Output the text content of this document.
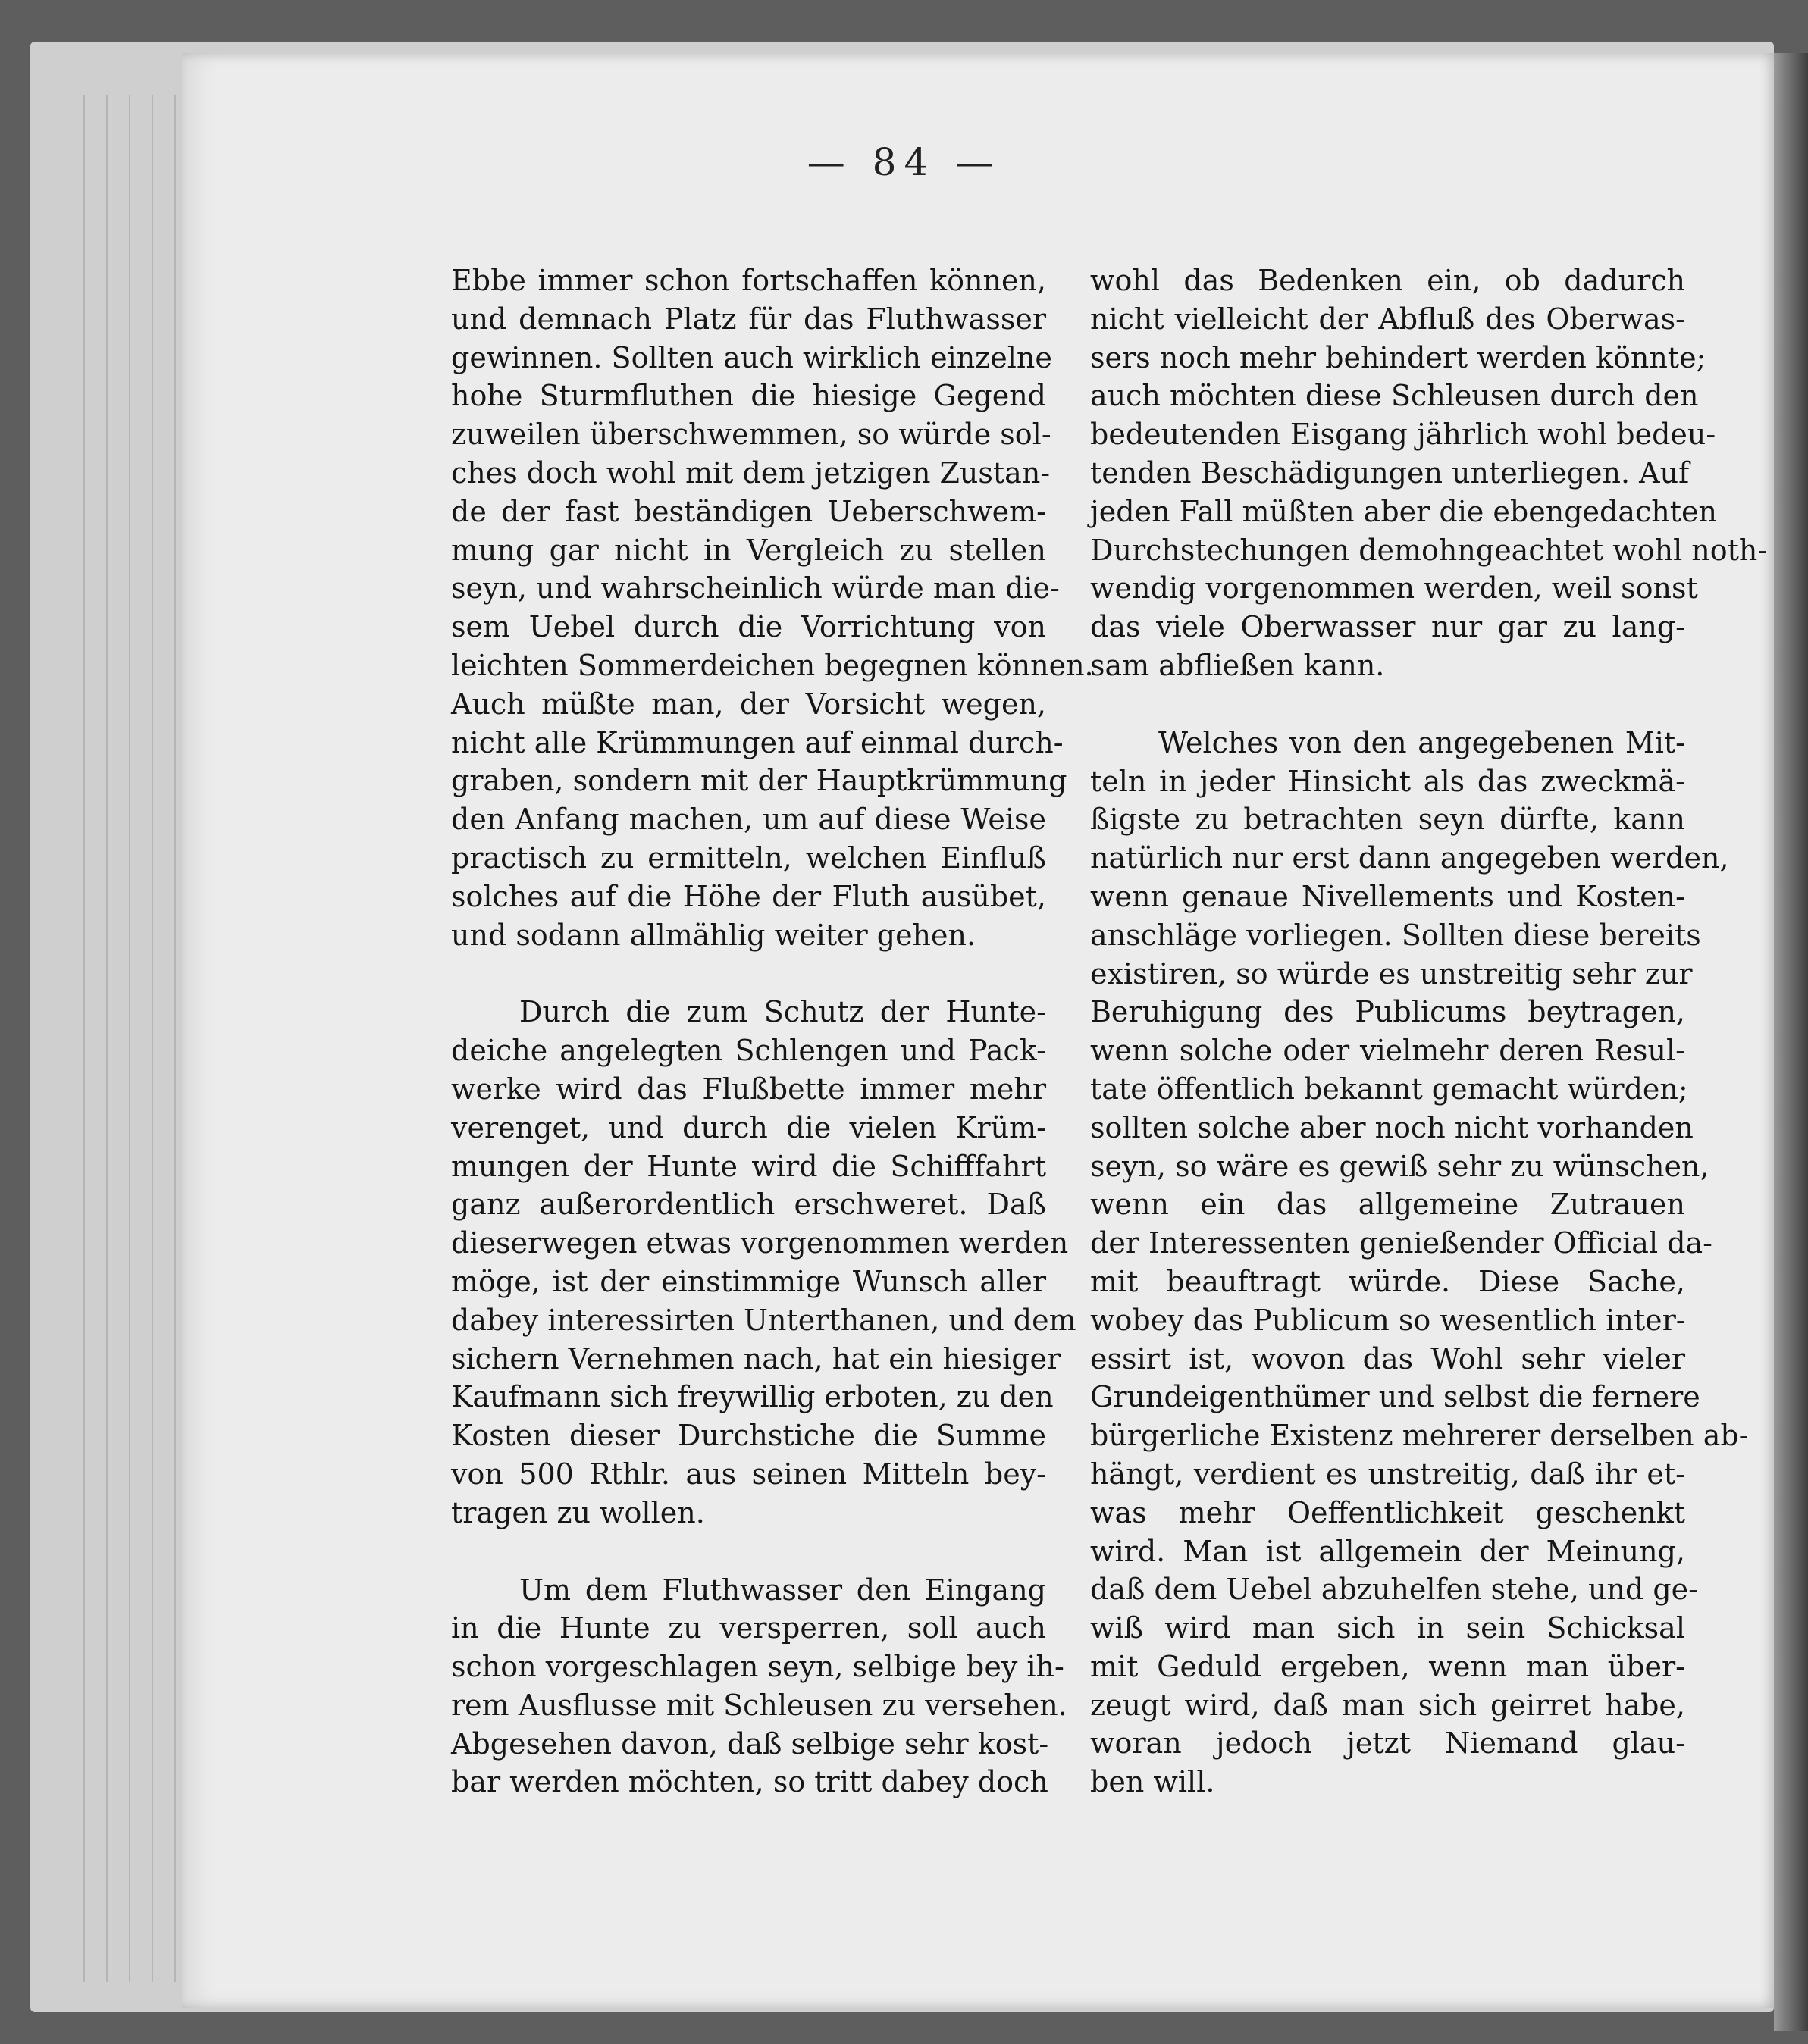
— 84 —
Ebbe immer schon fortschaffen können,
und demnach Platz für das Fluthwasser
gewinnen. Sollten auch wirklich einzelne
hohe Sturmfluthen die hiesige Gegend
zuweilen überschwemmen, so würde sol-
ches doch wohl mit dem jetzigen Zustan-
de der fast beständigen Ueberschwem-
mung gar nicht in Vergleich zu stellen
seyn, und wahrscheinlich würde man die-
sem Uebel durch die Vorrichtung von
leichten Sommerdeichen begegnen können.
Auch müßte man, der Vorsicht wegen,
nicht alle Krümmungen auf einmal durch-
graben, sondern mit der Hauptkrümmung
den Anfang machen, um auf diese Weise
practisch zu ermitteln, welchen Einfluß
solches auf die Höhe der Fluth ausübet,
und sodann allmählig weiter gehen.
Durch die zum Schutz der Hunte-
deiche angelegten Schlengen und Pack-
werke wird das Flußbette immer mehr
verenget, und durch die vielen Krüm-
mungen der Hunte wird die Schifffahrt
ganz außerordentlich erschweret. Daß
dieserwegen etwas vorgenommen werden
möge, ist der einstimmige Wunsch aller
dabey interessirten Unterthanen, und dem
sichern Vernehmen nach, hat ein hiesiger
Kaufmann sich freywillig erboten, zu den
Kosten dieser Durchstiche die Summe
von 500 Rthlr. aus seinen Mitteln bey-
tragen zu wollen.
Um dem Fluthwasser den Eingang
in die Hunte zu versperren, soll auch
schon vorgeschlagen seyn, selbige bey ih-
rem Ausflusse mit Schleusen zu versehen.
Abgesehen davon, daß selbige sehr kost-
bar werden möchten, so tritt dabey doch
wohl das Bedenken ein, ob dadurch
nicht vielleicht der Abfluß des Oberwas-
sers noch mehr behindert werden könnte;
auch möchten diese Schleusen durch den
bedeutenden Eisgang jährlich wohl bedeu-
tenden Beschädigungen unterliegen. Auf
jeden Fall müßten aber die ebengedachten
Durchstechungen demohngeachtet wohl noth-
wendig vorgenommen werden, weil sonst
das viele Oberwasser nur gar zu lang-
sam abfließen kann.
Welches von den angegebenen Mit-
teln in jeder Hinsicht als das zweckmä-
ßigste zu betrachten seyn dürfte, kann
natürlich nur erst dann angegeben werden,
wenn genaue Nivellements und Kosten-
anschläge vorliegen. Sollten diese bereits
existiren, so würde es unstreitig sehr zur
Beruhigung des Publicums beytragen,
wenn solche oder vielmehr deren Resul-
tate öffentlich bekannt gemacht würden;
sollten solche aber noch nicht vorhanden
seyn, so wäre es gewiß sehr zu wünschen,
wenn ein das allgemeine Zutrauen
der Interessenten genießender Official da-
mit beauftragt würde. Diese Sache,
wobey das Publicum so wesentlich inter-
essirt ist, wovon das Wohl sehr vieler
Grundeigenthümer und selbst die fernere
bürgerliche Existenz mehrerer derselben ab-
hängt, verdient es unstreitig, daß ihr et-
was mehr Oeffentlichkeit geschenkt
wird. Man ist allgemein der Meinung,
daß dem Uebel abzuhelfen stehe, und ge-
wiß wird man sich in sein Schicksal
mit Geduld ergeben, wenn man über-
zeugt wird, daß man sich geirret habe,
woran jedoch jetzt Niemand glau-
ben will.
